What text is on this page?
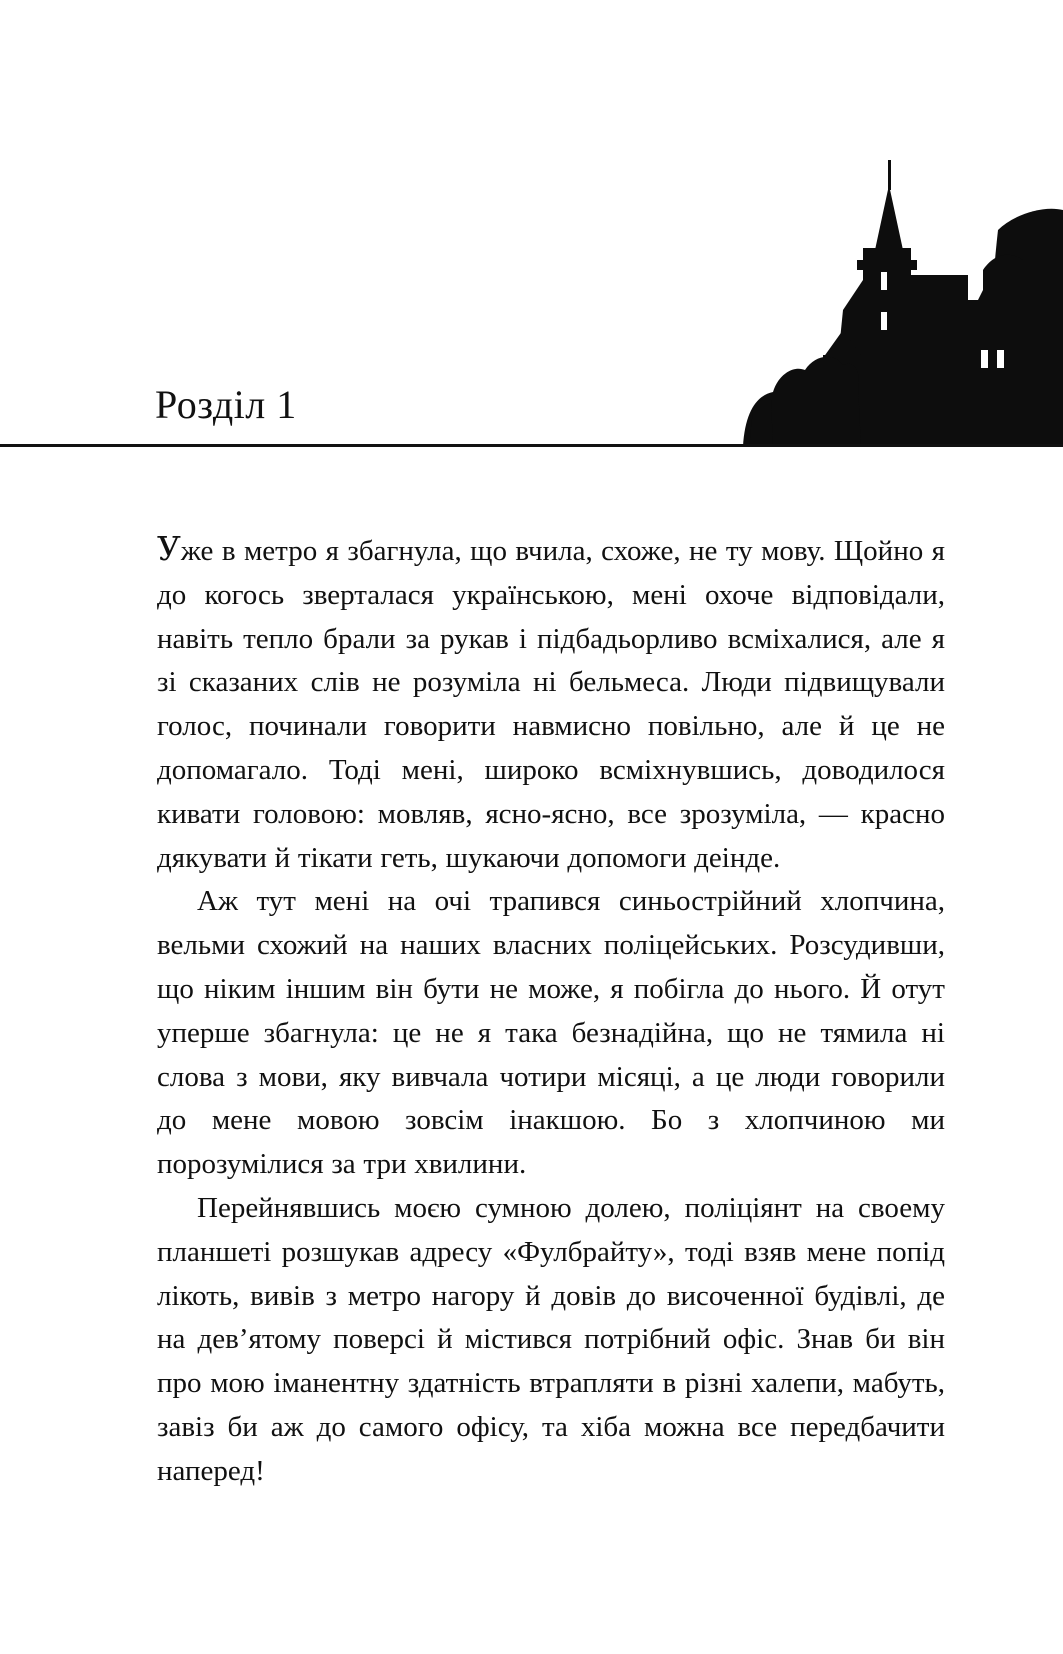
Розділ 1

Уже в метро я збагнула, що вчила, схоже, не ту мову. Щойно я до когось зверталася українською, мені охоче відповідали, навіть тепло брали за рукав і підбадьорливо всміхалися, але я зі сказаних слів не розуміла ні бельмеса. Люди підвищували голос, починали говорити навмисно повільно, але й це не допомагало. Тоді мені, широко всміхнувшись, доводилося кивати головою: мовляв, ясно-ясно, все зрозуміла, — красно дякувати й тікати геть, шукаючи допомоги деінде.

Аж тут мені на очі трапився синьострійний хлопчина, вельми схожий на наших власних поліцейських. Розсудивши, що ніким іншим він бути не може, я побігла до нього. Й отут уперше збагнула: це не я така безнадійна, що не тямила ні слова з мови, яку вивчала чотири місяці, а це люди говорили до мене мовою зовсім інакшою. Бо з хлопчиною ми порозумілися за три хвилини.

Перейнявшись моєю сумною долею, поліціянт на своему планшеті розшукав адресу «Фулбрайту», тоді взяв мене попід лікоть, вивів з метро нагору й довів до височенної будівлі, де на дев’ятому поверсі й містився потрібний офіс. Знав би він про мою іманентну здатність втрапляти в різні халепи, мабуть, завіз би аж до самого офісу, та хіба можна все передбачити наперед!
